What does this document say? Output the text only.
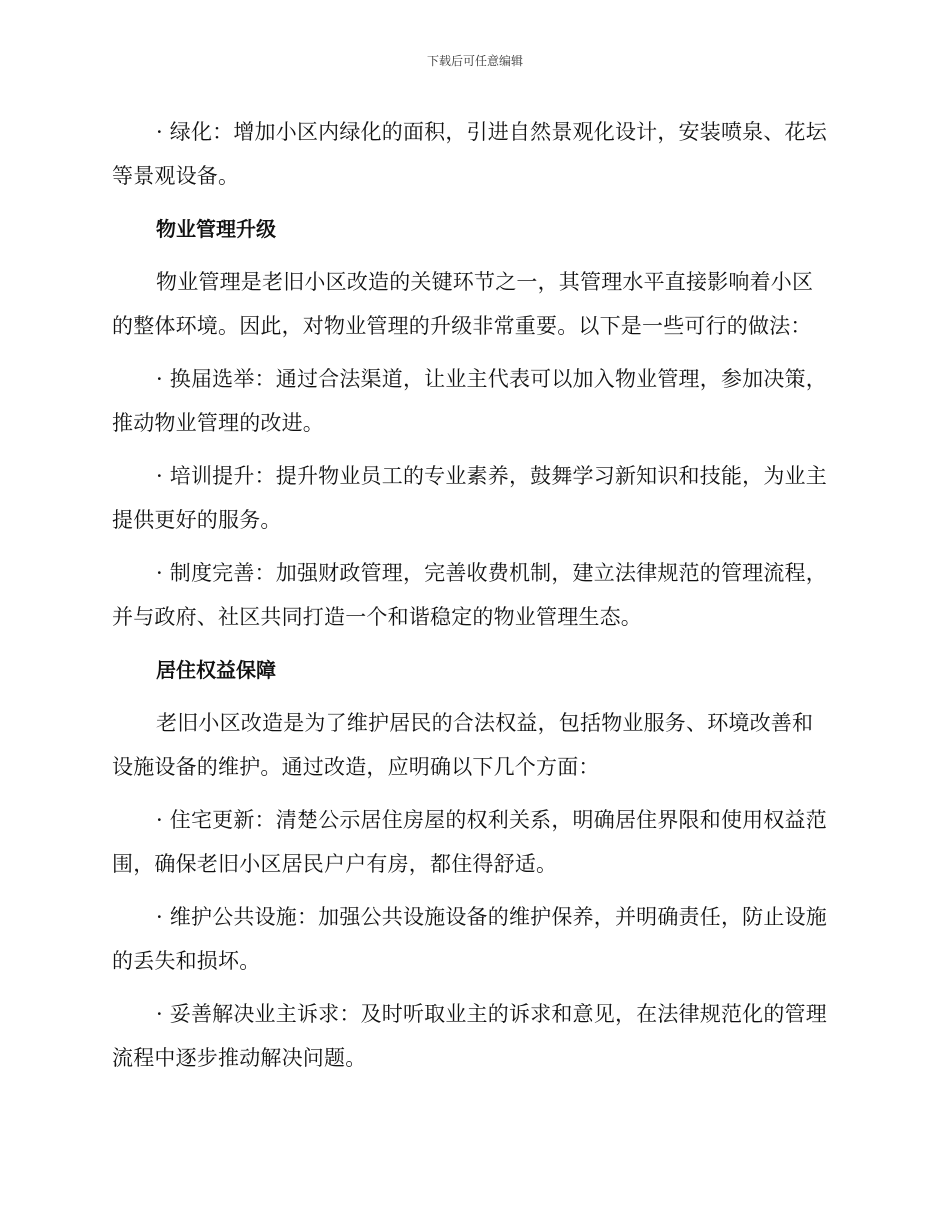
下载后可任意编辑

· 绿化：增加小区内绿化的面积，引进自然景观化设计，安装喷泉、花坛等景观设备。

物业管理升级

物业管理是老旧小区改造的关键环节之一，其管理水平直接影响着小区的整体环境。因此，对物业管理的升级非常重要。以下是一些可行的做法：

· 换届选举：通过合法渠道，让业主代表可以加入物业管理，参加决策，推动物业管理的改进。

· 培训提升：提升物业员工的专业素养，鼓舞学习新知识和技能，为业主提供更好的服务。

· 制度完善：加强财政管理，完善收费机制，建立法律规范的管理流程，并与政府、社区共同打造一个和谐稳定的物业管理生态。

居住权益保障

老旧小区改造是为了维护居民的合法权益，包括物业服务、环境改善和设施设备的维护。通过改造，应明确以下几个方面：

· 住宅更新：清楚公示居住房屋的权利关系，明确居住界限和使用权益范围，确保老旧小区居民户户有房，都住得舒适。

· 维护公共设施：加强公共设施设备的维护保养，并明确责任，防止设施的丢失和损坏。

· 妥善解决业主诉求：及时听取业主的诉求和意见，在法律规范化的管理流程中逐步推动解决问题。
